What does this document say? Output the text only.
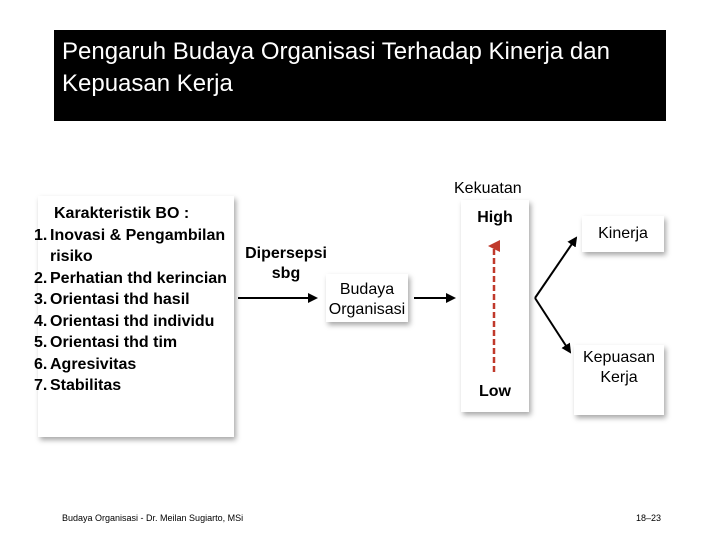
Pengaruh Budaya Organisasi Terhadap Kinerja dan Kepuasan Kerja
Karakteristik BO :
1. Inovasi & Pengambilan risiko
2. Perhatian thd kerincian
3. Orientasi thd hasil
4. Orientasi thd individu
5. Orientasi thd tim
6. Agresivitas
7. Stabilitas
Dipersepsi sbg
Budaya Organisasi
Kekuatan
High
Low
Kinerja
Kepuasan Kerja
Budaya Organisasi - Dr. Meilan Sugiarto, MSi	18–23
